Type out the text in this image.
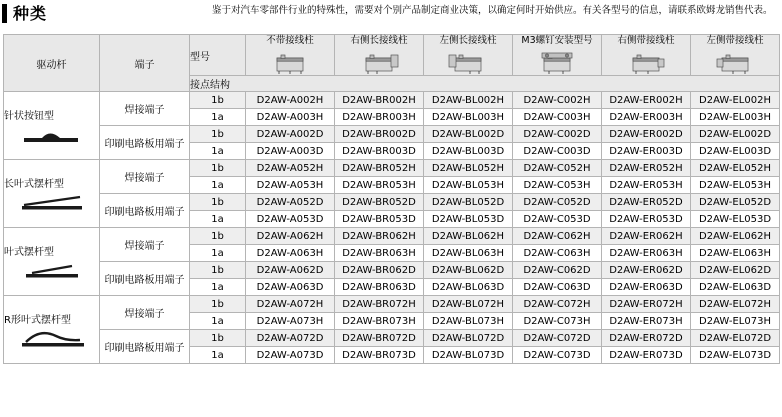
种类	鉴于对汽车零部件行业的特殊性，需要对个别产品制定商业决策，以确定何时开始供应。有关各型号的信息，请联系欧姆龙销售代表。
驱动杆	端子	型号	不带接线柱	右侧长接线柱	左侧长接线柱	M3螺钉安装型号	右侧带接线柱	左侧带接线柱

		接点结构						

针状按钮型	焊接端子	1b	D2AW-A002H	D2AW-BR002H	D2AW-BL002H	D2AW-C002H	D2AW-ER002H	D2AW-EL002H
		1a	D2AW-A003H	D2AW-BR003H	D2AW-BL003H	D2AW-C003H	D2AW-ER003H	D2AW-EL003H
	印刷电路板用端子	1b	D2AW-A002D	D2AW-BR002D	D2AW-BL002D	D2AW-C002D	D2AW-ER002D	D2AW-EL002D
		1a	D2AW-A003D	D2AW-BR003D	D2AW-BL003D	D2AW-C003D	D2AW-ER003D	D2AW-EL003D

长叶式摆杆型	焊接端子	1b	D2AW-A052H	D2AW-BR052H	D2AW-BL052H	D2AW-C052H	D2AW-ER052H	D2AW-EL052H
		1a	D2AW-A053H	D2AW-BR053H	D2AW-BL053H	D2AW-C053H	D2AW-ER053H	D2AW-EL053H
	印刷电路板用端子	1b	D2AW-A052D	D2AW-BR052D	D2AW-BL052D	D2AW-C052D	D2AW-ER052D	D2AW-EL052D
		1a	D2AW-A053D	D2AW-BR053D	D2AW-BL053D	D2AW-C053D	D2AW-ER053D	D2AW-EL053D

叶式摆杆型	焊接端子	1b	D2AW-A062H	D2AW-BR062H	D2AW-BL062H	D2AW-C062H	D2AW-ER062H	D2AW-EL062H
		1a	D2AW-A063H	D2AW-BR063H	D2AW-BL063H	D2AW-C063H	D2AW-ER063H	D2AW-EL063H
	印刷电路板用端子	1b	D2AW-A062D	D2AW-BR062D	D2AW-BL062D	D2AW-C062D	D2AW-ER062D	D2AW-EL062D
		1a	D2AW-A063D	D2AW-BR063D	D2AW-BL063D	D2AW-C063D	D2AW-ER063D	D2AW-EL063D

R形叶式摆杆型	焊接端子	1b	D2AW-A072H	D2AW-BR072H	D2AW-BL072H	D2AW-C072H	D2AW-ER072H	D2AW-EL072H
		1a	D2AW-A073H	D2AW-BR073H	D2AW-BL073H	D2AW-C073H	D2AW-ER073H	D2AW-EL073H
	印刷电路板用端子	1b	D2AW-A072D	D2AW-BR072D	D2AW-BL072D	D2AW-C072D	D2AW-ER072D	D2AW-EL072D
		1a	D2AW-A073D	D2AW-BR073D	D2AW-BL073D	D2AW-C073D	D2AW-ER073D	D2AW-EL073D
